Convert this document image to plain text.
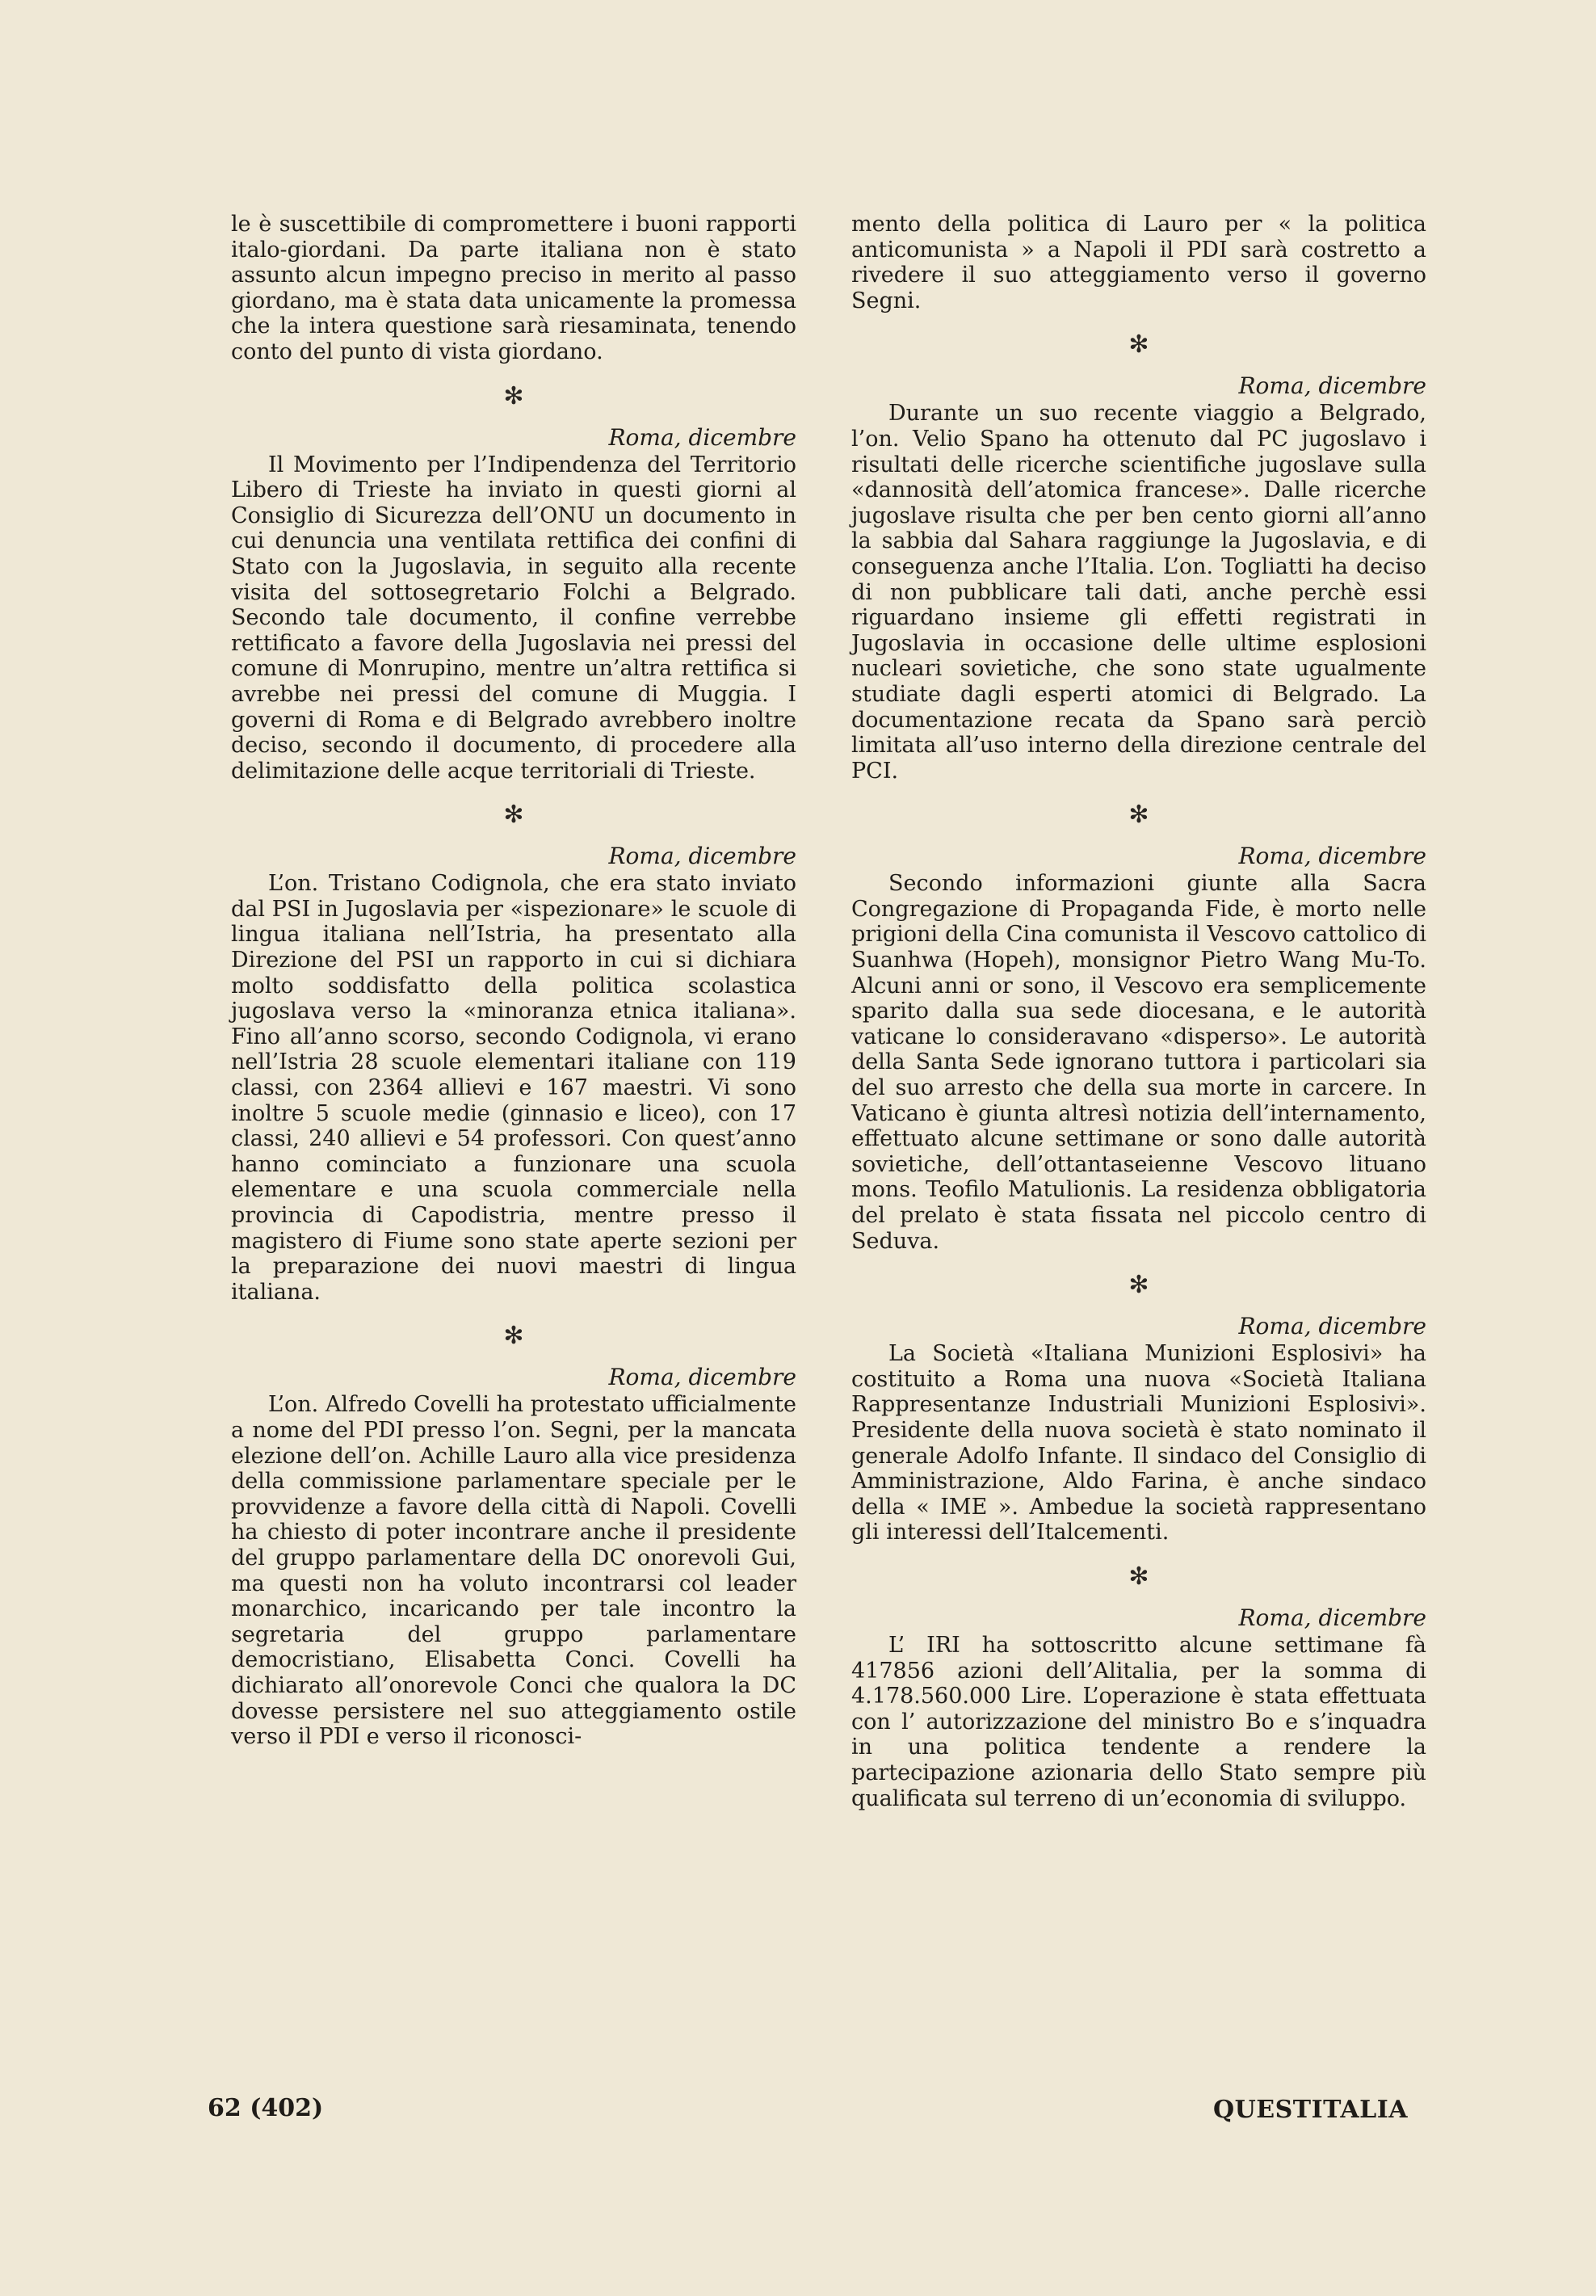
le è suscettibile di compromettere i buoni rapporti italo-giordani. Da parte italiana non è stato assunto alcun impegno preciso in merito al passo giordano, ma è stata data unicamente la promessa che la intera questione sarà riesaminata, tenendo conto del punto di vista giordano.

✻
Roma, dicembre

Il Movimento per l’Indipendenza del Territorio Libero di Trieste ha inviato in questi giorni al Consiglio di Sicurezza dell’ONU un documento in cui denuncia una ventilata rettifica dei confini di Stato con la Jugoslavia, in seguito alla recente visita del sottosegretario Folchi a Belgrado. Secondo tale documento, il confine verrebbe rettificato a favore della Jugoslavia nei pressi del comune di Monrupino, mentre un’altra rettifica si avrebbe nei pressi del comune di Muggia. I governi di Roma e di Belgrado avrebbero inoltre deciso, secondo il documento, di procedere alla delimitazione delle acque territoriali di Trieste.

✻
Roma, dicembre

L’on. Tristano Codignola, che era stato inviato dal PSI in Jugoslavia per «ispezionare» le scuole di lingua italiana nell’Istria, ha presentato alla Direzione del PSI un rapporto in cui si dichiara molto soddisfatto della politica scolastica jugoslava verso la «minoranza etnica italiana». Fino all’anno scorso, secondo Codignola, vi erano nell’Istria 28 scuole elementari italiane con 119 classi, con 2364 allievi e 167 maestri. Vi sono inoltre 5 scuole medie (ginnasio e liceo), con 17 classi, 240 allievi e 54 professori. Con quest’anno hanno cominciato a funzionare una scuola elementare e una scuola commerciale nella provincia di Capodistria, mentre presso il magistero di Fiume sono state aperte sezioni per la preparazione dei nuovi maestri di lingua italiana.

✻
Roma, dicembre

L’on. Alfredo Covelli ha protestato ufficialmente a nome del PDI presso l’on. Segni, per la mancata elezione dell’on. Achille Lauro alla vice presidenza della commissione parlamentare speciale per le provvidenze a favore della città di Napoli. Covelli ha chiesto di poter incontrare anche il presidente del gruppo parlamentare della DC onorevoli Gui, ma questi non ha voluto incontrarsi col leader monarchico, incaricando per tale incontro la segretaria del gruppo parlamentare democristiano, Elisabetta Conci. Covelli ha dichiarato all’onorevole Conci che qualora la DC dovesse persistere nel suo atteggiamento ostile verso il PDI e verso il riconosci-

mento della politica di Lauro per « la politica anticomunista » a Napoli il PDI sarà costretto a rivedere il suo atteggiamento verso il governo Segni.

✻
Roma, dicembre

Durante un suo recente viaggio a Belgrado, l’on. Velio Spano ha ottenuto dal PC jugoslavo i risultati delle ricerche scientifiche jugoslave sulla «dannosità dell’atomica francese». Dalle ricerche jugoslave risulta che per ben cento giorni all’anno la sabbia dal Sahara raggiunge la Jugoslavia, e di conseguenza anche l’Italia. L’on. Togliatti ha deciso di non pubblicare tali dati, anche perchè essi riguardano insieme gli effetti registrati in Jugoslavia in occasione delle ultime esplosioni nucleari sovietiche, che sono state ugualmente studiate dagli esperti atomici di Belgrado. La documentazione recata da Spano sarà perciò limitata all’uso interno della direzione centrale del PCI.

✻
Roma, dicembre

Secondo informazioni giunte alla Sacra Congregazione di Propaganda Fide, è morto nelle prigioni della Cina comunista il Vescovo cattolico di Suanhwa (Hopeh), monsignor Pietro Wang Mu-To. Alcuni anni or sono, il Vescovo era semplicemente sparito dalla sua sede diocesana, e le autorità vaticane lo consideravano «disperso». Le autorità della Santa Sede ignorano tuttora i particolari sia del suo arresto che della sua morte in carcere. In Vaticano è giunta altresì notizia dell’internamento, effettuato alcune settimane or sono dalle autorità sovietiche, dell’ottantaseienne Vescovo lituano mons. Teofilo Matulionis. La residenza obbligatoria del prelato è stata fissata nel piccolo centro di Seduva.

✻
Roma, dicembre

La Società «Italiana Munizioni Esplosivi» ha costituito a Roma una nuova «Società Italiana Rappresentanze Industriali Munizioni Esplosivi». Presidente della nuova società è stato nominato il generale Adolfo Infante. Il sindaco del Consiglio di Amministrazione, Aldo Farina, è anche sindaco della « IME ». Ambedue la società rappresentano gli interessi dell’Italcementi.

✻
Roma, dicembre

L’ IRI ha sottoscritto alcune settimane fà 417856 azioni dell’Alitalia, per la somma di 4.178.560.000 Lire. L’operazione è stata effettuata con l’ autorizzazione del ministro Bo e s’inquadra in una politica tendente a rendere la partecipazione azionaria dello Stato sempre più qualificata sul terreno di un’economia di sviluppo.

62 (402)	QUESTITALIA
